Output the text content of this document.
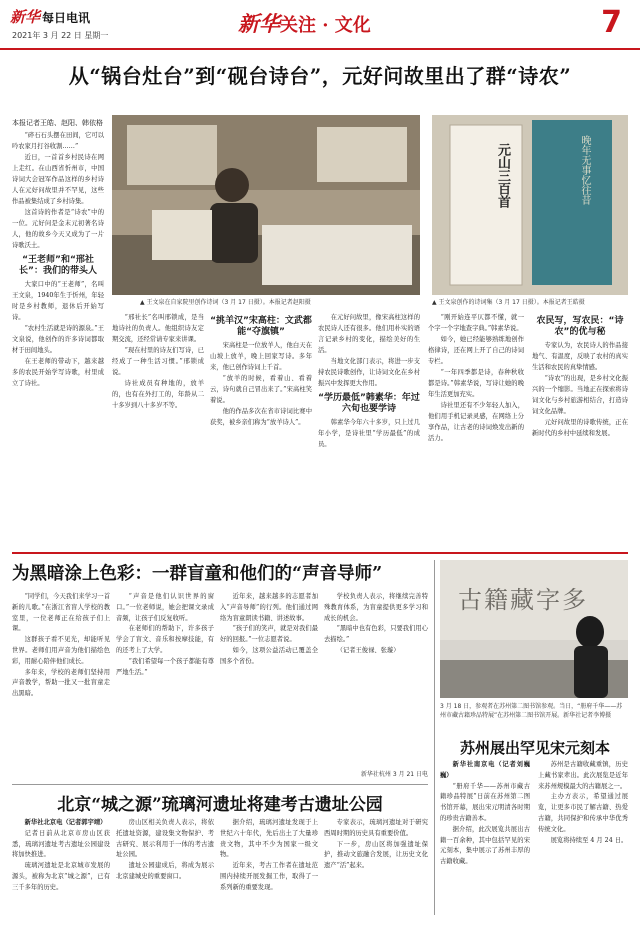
新华 每日电讯
2021年 3 月 22 日 星期一	新华关注 · 文化	7
从“锅台灶台”到“砚台诗台”，元好问故里出了群“诗农”
本报记者王皓、赵阳、韩依格
▲ 王文泉在自家院里创作诗词（3 月 17 日摄）。本报记者赵阳摄
元山三百首	晚年无事忆往昔
▲ 王文泉创作的诗词集（3 月 17 日摄）。本报记者王皓摄

“碎石石头摆在田间，它可以吟农家月打谷收割……”

近日，一首首乡村民诗在网上走红。在山西省忻州市，中国诗词大会冠军作品这样的乡村诗人在元好问故里并不罕见，这些作品被集结成了乡村诗集。

这首诗的作者是“诗农”中的一位。元好问是金末元初著名诗人，他的故乡今天又成为了一片诗歌沃土。

“王老师”和“邢社长”：我们的带头人

大家口中的“王老师”，名叫王文泉，1940年生于忻州，年轻时是乡村教师，退休后开始写诗。

“农村生活就是诗的源泉。”王文泉说，他创作的许多诗词都取材于田间地头。

在王老师的带动下，越来越多的农民开始学写诗歌，村里成立了诗社。

“邢社长”名叫邢锁成，是当地诗社的负责人。他组织诗友定期交流，还经常请专家来讲课。

“现在村里的诗友们写诗，已经成了一种生活习惯。”邢锁成说。

诗社成员有种地的，放羊的，也有在外打工的，年龄从二十多岁到八十多岁不等。

“挑羊汉”宋高柱：文武都能“夺旗镇”

宋高柱是一位放羊人，他白天在山坡上放羊，晚上回家写诗。多年来，他已创作诗词上千首。

“放羊的时候，看着山、看着云，诗句就自己冒出来了。”宋高柱笑着说。

他的作品多次在省市诗词比赛中获奖，被乡亲们称为“放羊诗人”。

在元好问故里，像宋高柱这样的农民诗人还有很多。他们用朴实的语言记录乡村的变化，描绘美好的生活。

当地文化部门表示，将进一步支持农民诗歌创作，让诗词文化在乡村振兴中发挥更大作用。

“学历最低”韩素华：年过六旬也要学诗

韩素华今年六十多岁，只上过几年小学，是诗社里“学历最低”的成员。

“刚开始连平仄都不懂，就一个字一个字地查字典。”韩素华说。

如今，她已经能够熟练地创作格律诗，还在网上开了自己的诗词专栏。

“一年四季都是诗，春种秋收都是诗。”韩素华说，写诗让她的晚年生活更加充实。

诗社里还有不少年轻人加入，他们用手机记录灵感，在网络上分享作品，让古老的诗词焕发出新的活力。

农民写，写农民：“诗农”的优与秘

专家认为，农民诗人的作品接地气、有温度，反映了农村的真实生活和农民的真挚情感。

“诗农”的出现，是乡村文化振兴的一个缩影。当地正在探索将诗词文化与乡村旅游相结合，打造诗词文化品牌。

元好问故里的诗歌传统，正在新时代的乡村中延续和发展。

为黑暗涂上色彩：一群盲童和他们的“声音导师”

“同学们，今天我们来学习一首新的儿歌。”在浙江省盲人学校的教室里，一位老师正在给孩子们上课。

这群孩子看不见光，却能听见世界。老师们用声音为他们描绘色彩，用耐心陪伴他们成长。

多年来，学校的老师们坚持用声音教学，帮助一批又一批盲童走出黑暗。

“声音是他们认识世界的窗口。”一位老师说，她会把课文录成音频，让孩子们反复收听。

在老师们的帮助下，许多孩子学会了盲文、音乐和按摩技能，有的还考上了大学。

“我们希望每一个孩子都能有尊严地生活。”

近年来，越来越多的志愿者加入“声音导师”的行列。他们通过网络为盲童朗读书籍、讲述故事。

“孩子们的笑声，就是对我们最好的回报。”一位志愿者说。

如今，这项公益活动已覆盖全国多个省份。

学校负责人表示，将继续完善特殊教育体系，为盲童提供更多学习和成长的机会。

“黑暗中也有色彩，只要我们用心去描绘。”

（记者王俊禄、张璇）

新华社杭州 3 月 21 日电
北京“城之源”琉璃河遗址将建考古遗址公园

新华社北京电（记者郭宇靖）

记者日前从北京市房山区获悉，琉璃河遗址考古遗址公园建设将加快推进。

琉璃河遗址是北京城市发展的源头，被称为北京“城之源”，已有三千多年的历史。

房山区相关负责人表示，将依托遗址资源，建设集文物保护、考古研究、展示利用于一体的考古遗址公园。

遗址公园建成后，将成为展示北京建城史的重要窗口。

据介绍，琉璃河遗址发现于上世纪六十年代，先后出土了大量珍贵文物，其中不少为国家一级文物。

近年来，考古工作者在遗址范围内持续开展发掘工作，取得了一系列新的重要发现。

专家表示，琉璃河遗址对于研究西周时期的历史具有重要价值。

下一步，房山区将加强遗址保护，推动文旅融合发展，让历史文化遗产“活”起来。

古籍藏字多
3 月 18 日，参观者在苏州第二图书馆参观。当日，“册府千华——苏州市藏古籍珍品特展”在苏州第二图书馆开展。新华社记者李博摄
苏州展出罕见宋元刻本

新华社南京电（记者刘巍巍）

“册府千华——苏州市藏古籍珍品特展”日前在苏州第二图书馆开幕，展出宋元明清各时期的珍贵古籍善本。

据介绍，此次展览共展出古籍一百余种，其中包括罕见的宋元刻本，集中展示了苏州丰厚的古籍收藏。

苏州是古籍收藏重镇，历史上藏书家辈出。此次展览是近年来苏州规模最大的古籍展之一。

主办方表示，希望通过展览，让更多市民了解古籍、热爱古籍，共同保护和传承中华优秀传统文化。

展览将持续至 4 月 24 日。
